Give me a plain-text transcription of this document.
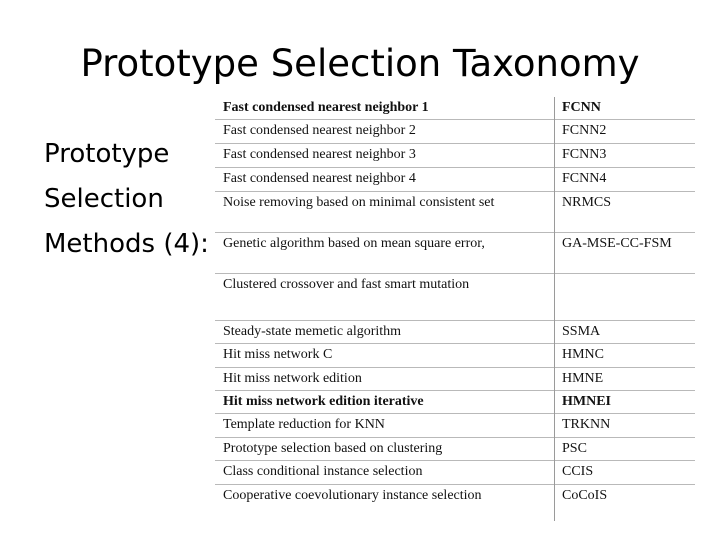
Prototype Selection Taxonomy
Prototype
Selection
Methods (4):
Fast condensed nearest neighbor 1	FCNN
Fast condensed nearest neighbor 2	FCNN2
Fast condensed nearest neighbor 3	FCNN3
Fast condensed nearest neighbor 4	FCNN4
Noise removing based on minimal consistent set	NRMCS
Genetic algorithm based on mean square error,	GA-MSE-CC-FSM
Clustered crossover and fast smart mutation
Steady-state memetic algorithm	SSMA
Hit miss network C	HMNC
Hit miss network edition	HMNE
Hit miss network edition iterative	HMNEI
Template reduction for KNN	TRKNN
Prototype selection based on clustering	PSC
Class conditional instance selection	CCIS
Cooperative coevolutionary instance selection	CoCoIS
